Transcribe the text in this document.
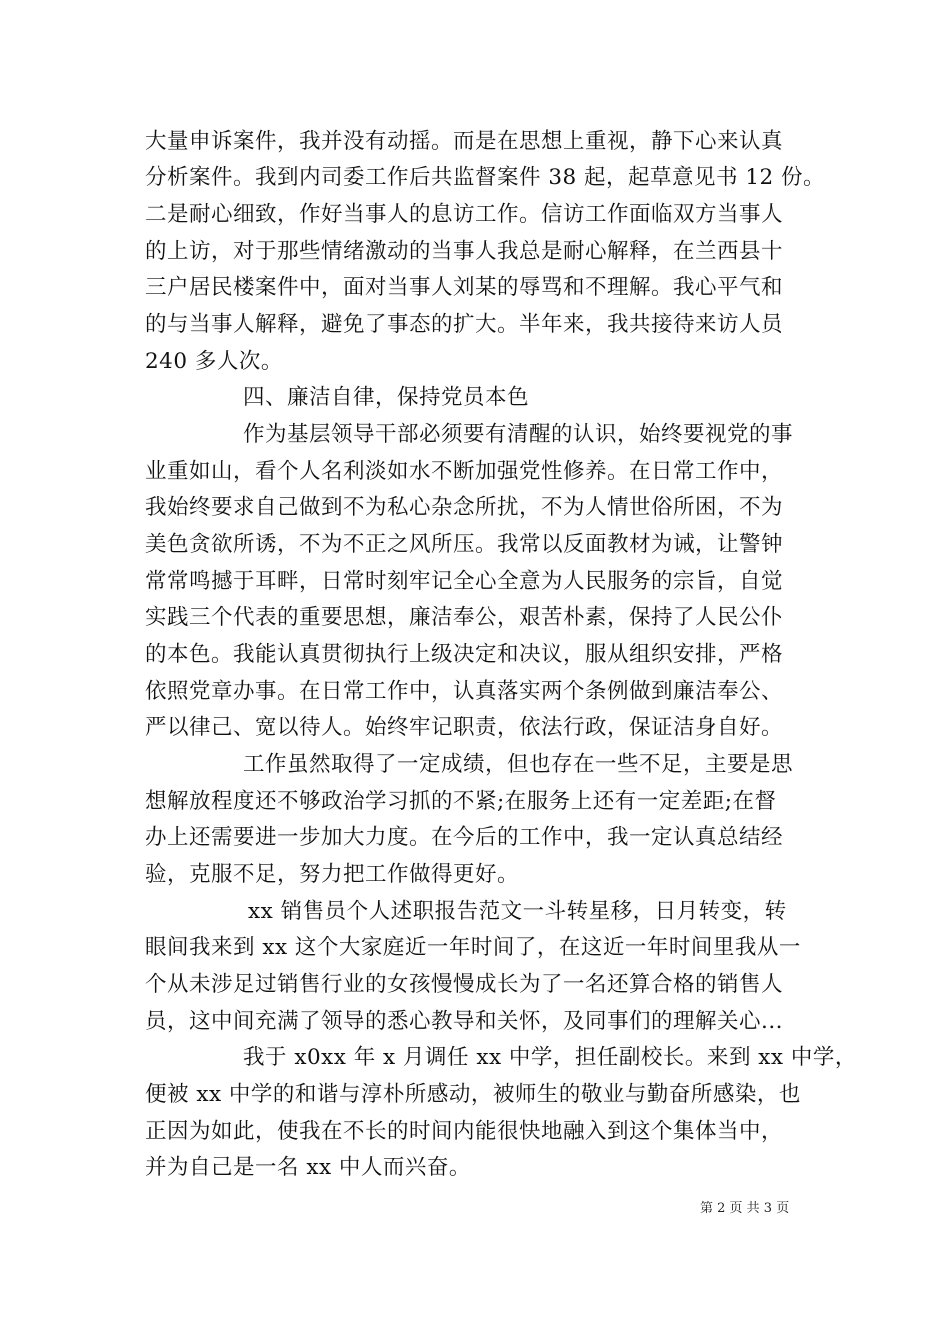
大量申诉案件，我并没有动摇。而是在思想上重视，静下心来认真
分析案件。我到内司委工作后共监督案件 38 起，起草意见书 12 份。
二是耐心细致，作好当事人的息访工作。信访工作面临双方当事人
的上访，对于那些情绪激动的当事人我总是耐心解释，在兰西县十
三户居民楼案件中，面对当事人刘某的辱骂和不理解。我心平气和
的与当事人解释，避免了事态的扩大。半年来，我共接待来访人员
240 多人次。
四、廉洁自律，保持党员本色
作为基层领导干部必须要有清醒的认识，始终要视党的事
业重如山，看个人名利淡如水不断加强党性修养。在日常工作中，
我始终要求自己做到不为私心杂念所扰，不为人情世俗所困，不为
美色贪欲所诱，不为不正之风所压。我常以反面教材为诫，让警钟
常常鸣撼于耳畔，日常时刻牢记全心全意为人民服务的宗旨，自觉
实践三个代表的重要思想，廉洁奉公，艰苦朴素，保持了人民公仆
的本色。我能认真贯彻执行上级决定和决议，服从组织安排，严格
依照党章办事。在日常工作中，认真落实两个条例做到廉洁奉公、
严以律己、宽以待人。始终牢记职责，依法行政，保证洁身自好。
工作虽然取得了一定成绩，但也存在一些不足，主要是思
想解放程度还不够政治学习抓的不紧;在服务上还有一定差距;在督
办上还需要进一步加大力度。在今后的工作中，我一定认真总结经
验，克服不足，努力把工作做得更好。
xx 销售员个人述职报告范文一斗转星移，日月转变，转
眼间我来到 xx 这个大家庭近一年时间了，在这近一年时间里我从一
个从未涉足过销售行业的女孩慢慢成长为了一名还算合格的销售人
员，这中间充满了领导的悉心教导和关怀，及同事们的理解关心...
我于 x0xx 年 x 月调任 xx 中学，担任副校长。来到 xx 中学，
便被 xx 中学的和谐与淳朴所感动，被师生的敬业与勤奋所感染，也
正因为如此，使我在不长的时间内能很快地融入到这个集体当中，
并为自己是一名 xx 中人而兴奋。
第 2 页 共 3 页
